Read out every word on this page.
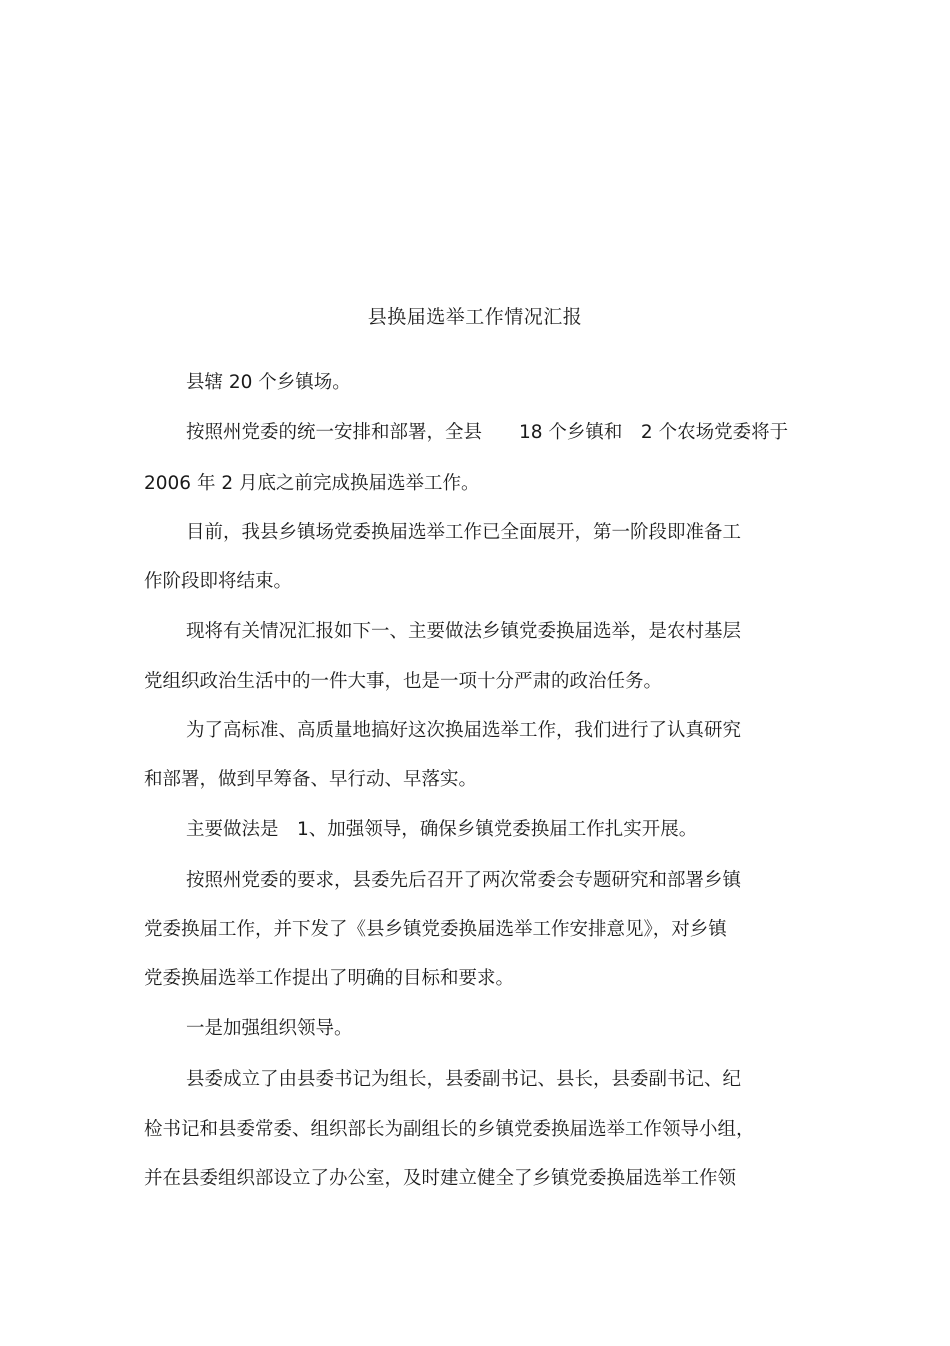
县换届选举工作情况汇报
县辖 20 个乡镇场。
按照州党委的统一安排和部署，全县　　18 个乡镇和　2 个农场党委将于
2006 年 2 月底之前完成换届选举工作。
目前，我县乡镇场党委换届选举工作已全面展开，第一阶段即准备工
作阶段即将结束。
现将有关情况汇报如下一、主要做法乡镇党委换届选举，是农村基层
党组织政治生活中的一件大事，也是一项十分严肃的政治任务。
为了高标准、高质量地搞好这次换届选举工作，我们进行了认真研究
和部署，做到早筹备、早行动、早落实。
主要做法是　1、加强领导，确保乡镇党委换届工作扎实开展。
按照州党委的要求，县委先后召开了两次常委会专题研究和部署乡镇
党委换届工作，并下发了《县乡镇党委换届选举工作安排意见》，对乡镇
党委换届选举工作提出了明确的目标和要求。
一是加强组织领导。
县委成立了由县委书记为组长，县委副书记、县长，县委副书记、纪
检书记和县委常委、组织部长为副组长的乡镇党委换届选举工作领导小组，
并在县委组织部设立了办公室，及时建立健全了乡镇党委换届选举工作领
